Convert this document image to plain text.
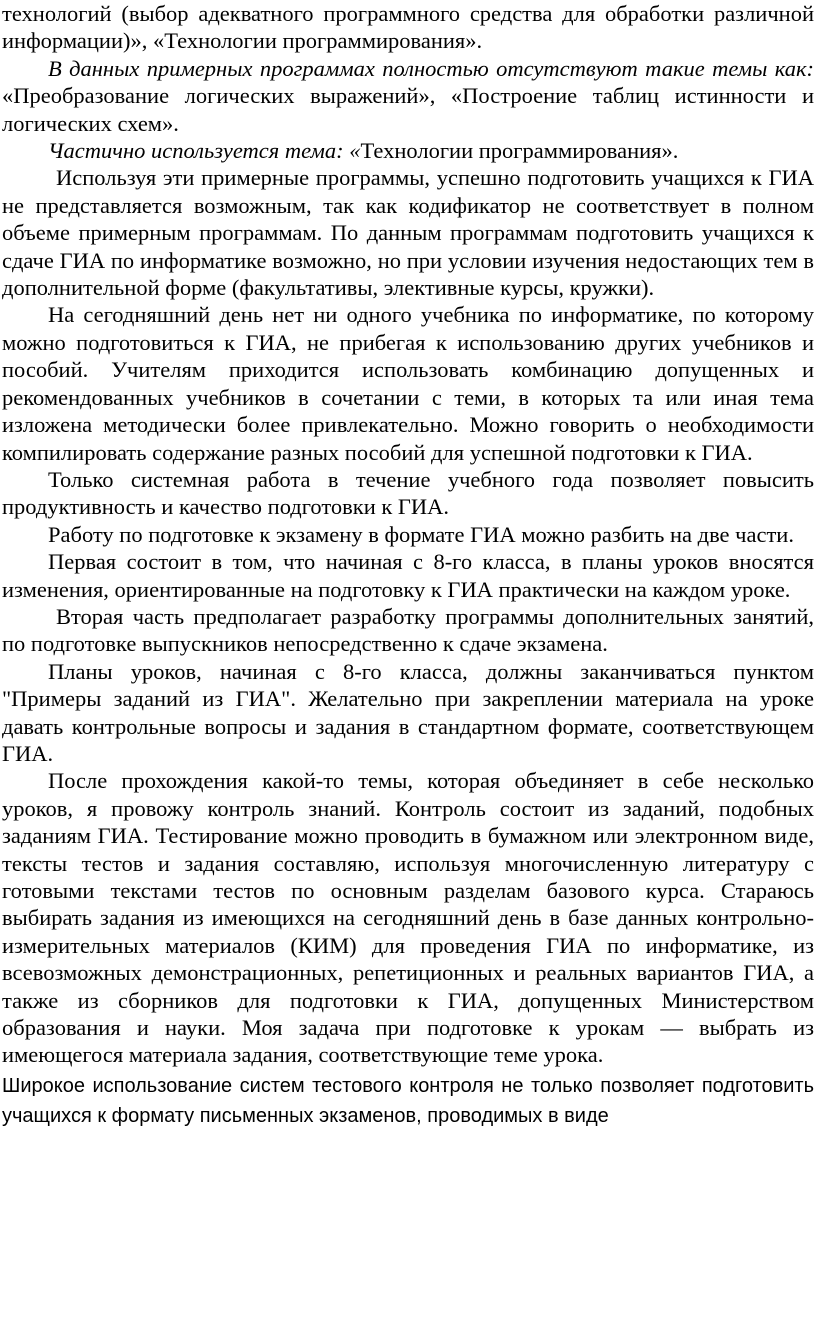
технологий (выбор адекватного программного средства для обработки различной информации)», «Технологии программирования».

В данных примерных программах полностью отсутствуют такие темы как: «Преобразование логических выражений», «Построение таблиц истинности и логических схем».

Частично используется тема: «Технологии программирования».

Используя эти примерные программы, успешно подготовить учащихся к ГИА не представляется возможным, так как кодификатор не соответствует в полном объеме примерным программам. По данным программам подготовить учащихся к сдаче ГИА по информатике возможно, но при условии изучения недостающих тем в дополнительной форме (факультативы, элективные курсы, кружки).

На сегодняшний день нет ни одного учебника по информатике, по которому можно подготовиться к ГИА, не прибегая к использованию других учебников и пособий. Учителям приходится использовать комбинацию допущенных и рекомендованных учебников в сочетании с теми, в которых та или иная тема изложена методически более привлекательно. Можно говорить о необходимости компилировать содержание разных пособий для успешной подготовки к ГИА.

Только системная работа в течение учебного года позволяет повысить продуктивность и качество подготовки к ГИА.

Работу по подготовке к экзамену в формате ГИА можно разбить на две части.

Первая состоит в том, что начиная с 8-го класса, в планы уроков вносятся изменения, ориентированные на подготовку к ГИА практически на каждом уроке.

Вторая часть предполагает разработку программы дополнительных занятий, по подготовке выпускников непосредственно к сдаче экзамена.

Планы уроков, начиная с 8-го класса, должны заканчиваться пунктом "Примеры заданий из ГИА". Желательно при закреплении материала на уроке давать контрольные вопросы и задания в стандартном формате, соответствующем ГИА.

После прохождения какой-то темы, которая объединяет в себе несколько уроков, я провожу контроль знаний. Контроль состоит из заданий, подобных заданиям ГИА. Тестирование можно проводить в бумажном или электронном виде, тексты тестов и задания составляю, используя многочисленную литературу с готовыми текстами тестов по основным разделам базового курса. Стараюсь выбирать задания из имеющихся на сегодняшний день в базе данных контрольно-измерительных материалов (КИМ) для проведения ГИА по информатике, из всевозможных демонстрационных, репетиционных и реальных вариантов ГИА, а также из сборников для подготовки к ГИА, допущенных Министерством образования и науки. Моя задача при подготовке к урокам — выбрать из имеющегося материала задания, соответствующие теме урока.

Широкое использование систем тестового контроля не только позволяет подготовить учащихся к формату письменных экзаменов, проводимых в виде
